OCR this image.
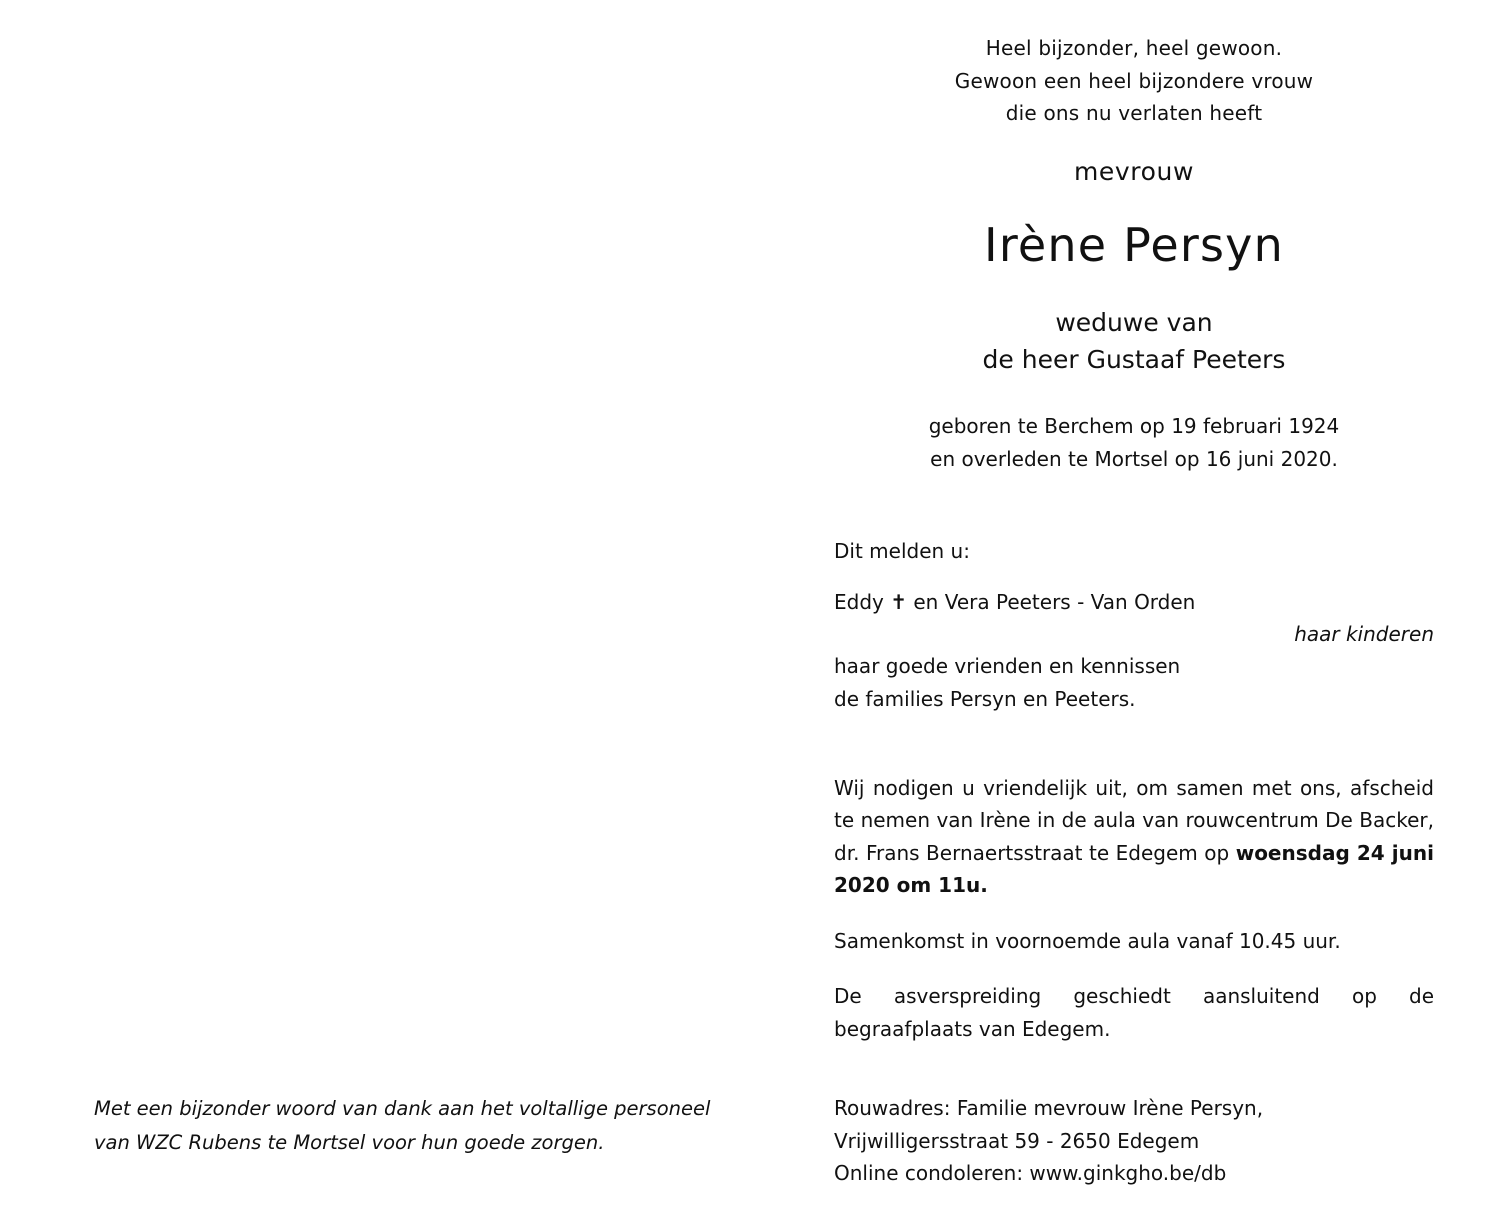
Met een bijzonder woord van dank aan het voltallige personeel
van WZC Rubens te Mortsel voor hun goede zorgen.
Heel bijzonder, heel gewoon.
Gewoon een heel bijzondere vrouw
die ons nu verlaten heeft
mevrouw
Irène Persyn
weduwe van
de heer Gustaaf Peeters
geboren te Berchem op 19 februari 1924
en overleden te Mortsel op 16 juni 2020.
Dit melden u:
Eddy ✝ en Vera Peeters - Van Orden
haar kinderen
haar goede vrienden en kennissen
de families Persyn en Peeters.
Wij nodigen u vriendelijk uit, om samen met ons, afscheid te nemen van Irène in de aula van rouwcentrum De Backer, dr. Frans Bernaertsstraat te Edegem op woensdag 24 juni 2020 om 11u.
Samenkomst in voornoemde aula vanaf 10.45 uur.
De asverspreiding geschiedt aansluitend op de begraafplaats van Edegem.
Rouwadres: Familie mevrouw Irène Persyn,
Vrijwilligersstraat 59 - 2650 Edegem
Online condoleren: www.ginkgho.be/db
